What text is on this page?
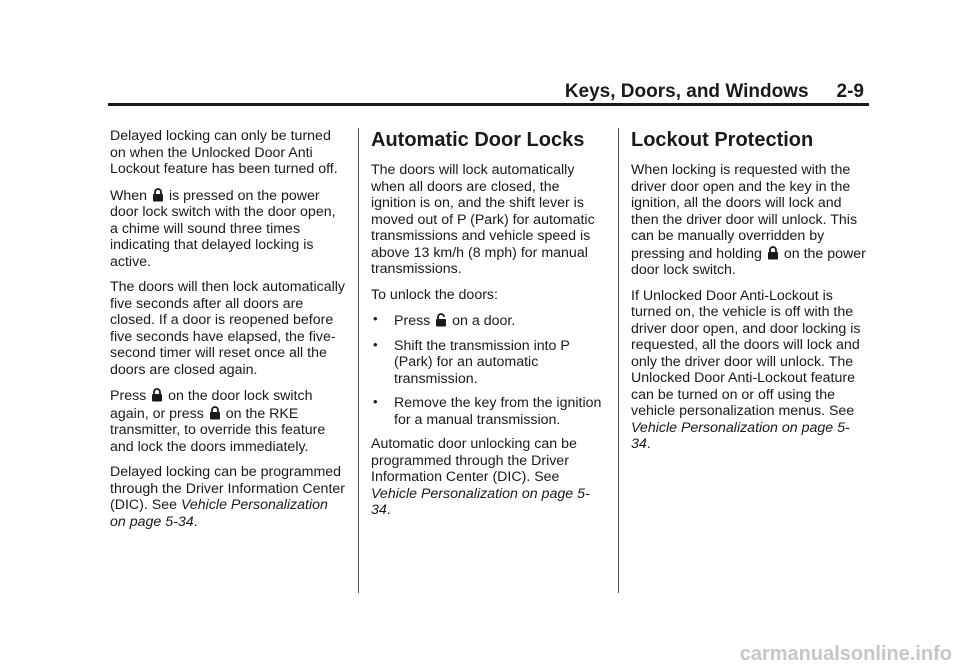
Keys, Doors, and Windows 2-9

Delayed locking can only be turned on when the Unlocked Door Anti Lockout feature has been turned off.

When is pressed on the power door lock switch with the door open, a chime will sound three times indicating that delayed locking is active.

The doors will then lock automatically five seconds after all doors are closed. If a door is reopened before five seconds have elapsed, the five-second timer will reset once all the doors are closed again.

Press on the door lock switch again, or press on the RKE transmitter, to override this feature and lock the doors immediately.

Delayed locking can be programmed through the Driver Information Center (DIC). See Vehicle Personalization on page 5-34.

Automatic Door Locks

The doors will lock automatically when all doors are closed, the ignition is on, and the shift lever is moved out of P (Park) for automatic transmissions and vehicle speed is above 13 km/h (8 mph) for manual transmissions.

To unlock the doors:

• Press on a door.
• Shift the transmission into P (Park) for an automatic transmission.
• Remove the key from the ignition for a manual transmission.

Automatic door unlocking can be programmed through the Driver Information Center (DIC). See Vehicle Personalization on page 5-34.

Lockout Protection

When locking is requested with the driver door open and the key in the ignition, all the doors will lock and then the driver door will unlock. This can be manually overridden by pressing and holding on the power door lock switch.

If Unlocked Door Anti-Lockout is turned on, the vehicle is off with the driver door open, and door locking is requested, all the doors will lock and only the driver door will unlock. The Unlocked Door Anti-Lockout feature can be turned on or off using the vehicle personalization menus. See Vehicle Personalization on page 5-34.

carmanualsonline.info
